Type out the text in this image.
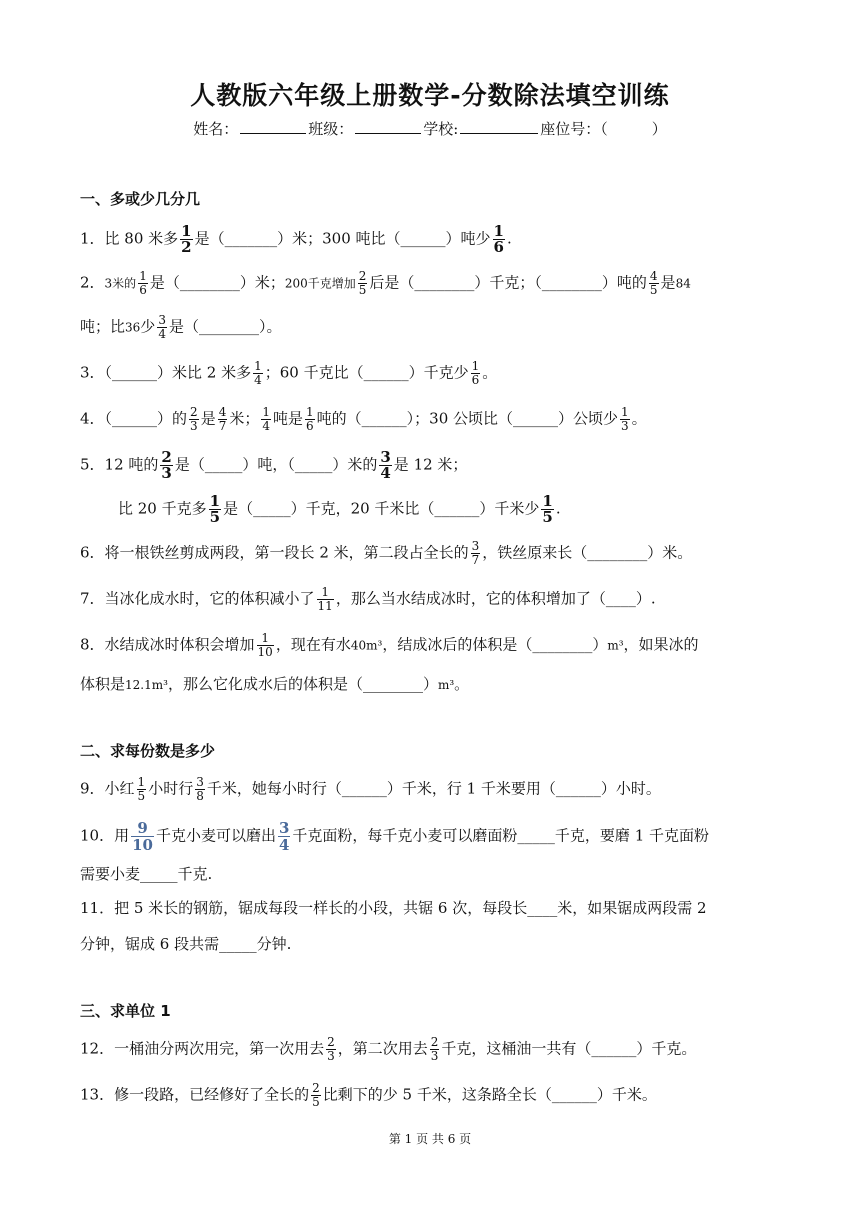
人教版六年级上册数学-分数除法填空训练
姓名：	班级：	学校:	座位号：（	）
一、多或少几分几
1．比 80 米多 $\frac{1}{2}$ 是（_______）米；300 吨比（______）吨少 $\frac{1}{6}$ .
2．3米的 $\frac{1}{6}$ 是（________）米；200千克增加 $\frac{2}{5}$ 后是（________）千克；（________）吨的 $\frac{4}{5}$ 是84
吨；比36少 $\frac{3}{4}$ 是（________）。
3．（______）米比 2 米多 $\frac{1}{4}$ ；60 千克比（______）千克少 $\frac{1}{6}$ 。
4．（______）的 $\frac{2}{3}$ 是 $\frac{4}{7}$ 米； $\frac{1}{4}$ 吨是 $\frac{1}{6}$ 吨的（______）；30 公顷比（______）公顷少 $\frac{1}{3}$ 。
5．12 吨的 $\frac{2}{3}$ 是（_____）吨，（_____）米的 $\frac{3}{4}$ 是 12 米；
比 20 千克多 $\frac{1}{5}$ 是（_____）千克，20 千米比（______）千米少 $\frac{1}{5}$ .
6．将一根铁丝剪成两段，第一段长 2 米，第二段占全长的 $\frac{3}{7}$ ，铁丝原来长（________）米。
7．当冰化成水时，它的体积减小了 $\frac{1}{11}$ ，那么当水结成冰时，它的体积增加了（____）.
8．水结成冰时体积会增加 $\frac{1}{10}$ ，现在有水40m³，结成冰后的体积是（________）m³，如果冰的
体积是12.1m³，那么它化成水后的体积是（________）m³。
二、求每份数是多少
9．小红 $\frac{1}{5}$ 小时行 $\frac{3}{8}$ 千米，她每小时行（______）千米，行 1 千米要用（______）小时。
10．用 $\frac{9}{10}$ 千克小麦可以磨出 $\frac{3}{4}$ 千克面粉，每千克小麦可以磨面粉_____千克，要磨 1 千克面粉
需要小麦_____千克.
11．把 5 米长的钢筋，锯成每段一样长的小段，共锯 6 次，每段长____米，如果锯成两段需 2
分钟，锯成 6 段共需_____分钟.
三、求单位 1
12．一桶油分两次用完，第一次用去 $\frac{2}{3}$ ，第二次用去 $\frac{2}{3}$ 千克，这桶油一共有（______）千克。
13．修一段路，已经修好了全长的 $\frac{2}{5}$ 比剩下的少 5 千米，这条路全长（______）千米。
第 1 页 共 6 页
